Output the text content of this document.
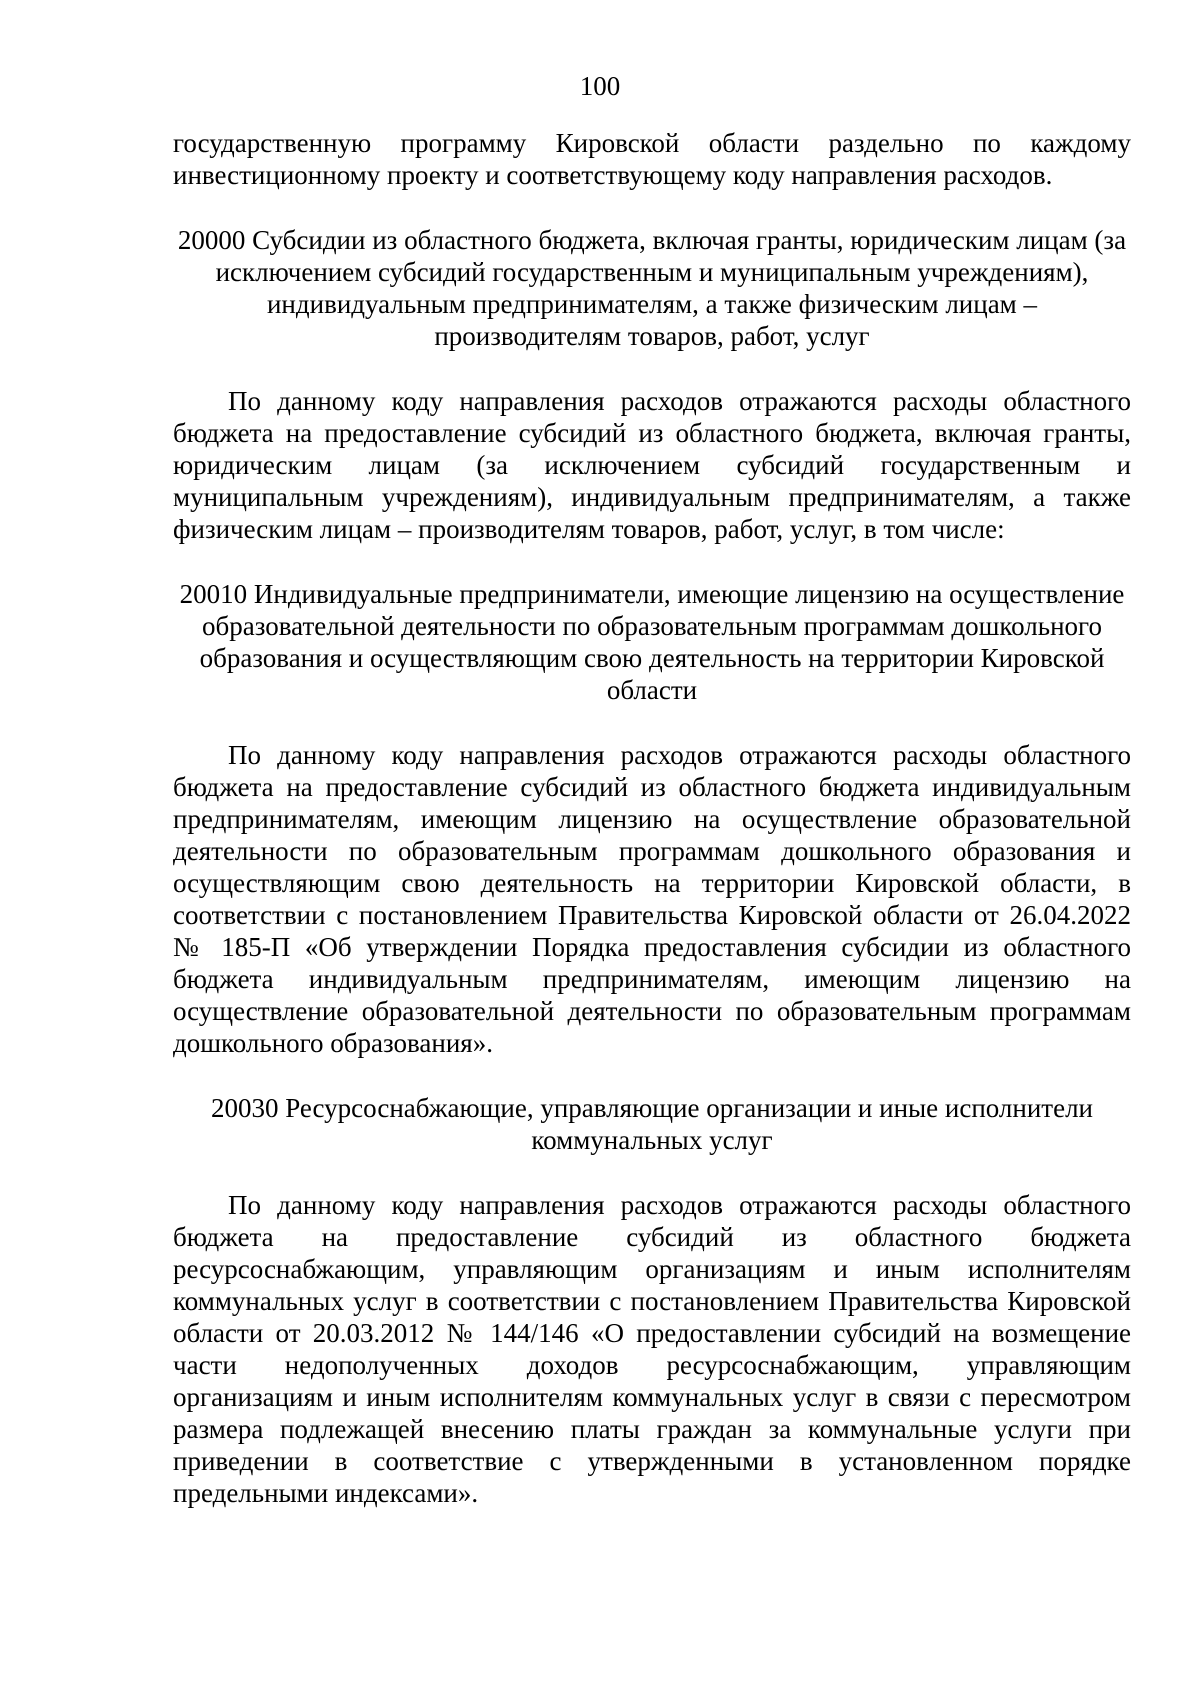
100

государственную программу Кировской области раздельно по каждому инвестиционному проекту и соответствующему коду направления расходов.

20000 Субсидии из областного бюджета, включая гранты, юридическим лицам (за исключением субсидий государственным и муниципальным учреждениям), индивидуальным предпринимателям, а также физическим лицам – производителям товаров, работ, услуг

По данному коду направления расходов отражаются расходы областного бюджета на предоставление субсидий из областного бюджета, включая гранты, юридическим лицам (за исключением субсидий государственным и муниципальным учреждениям), индивидуальным предпринимателям, а также физическим лицам – производителям товаров, работ, услуг, в том числе:

20010 Индивидуальные предприниматели, имеющие лицензию на осуществление образовательной деятельности по образовательным программам дошкольного образования и осуществляющим свою деятельность на территории Кировской области

По данному коду направления расходов отражаются расходы областного бюджета на предоставление субсидий из областного бюджета индивидуальным предпринимателям, имеющим лицензию на осуществление образовательной деятельности по образовательным программам дошкольного образования и осуществляющим свою деятельность на территории Кировской области, в соответствии с постановлением Правительства Кировской области от 26.04.2022 № 185-П «Об утверждении Порядка предоставления субсидии из областного бюджета индивидуальным предпринимателям, имеющим лицензию на осуществление образовательной деятельности по образовательным программам дошкольного образования».

20030 Ресурсоснабжающие, управляющие организации и иные исполнители коммунальных услуг

По данному коду направления расходов отражаются расходы областного бюджета на предоставление субсидий из областного бюджета ресурсоснабжающим, управляющим организациям и иным исполнителям коммунальных услуг в соответствии с постановлением Правительства Кировской области от 20.03.2012 № 144/146 «О предоставлении субсидий на возмещение части недополученных доходов ресурсоснабжающим, управляющим организациям и иным исполнителям коммунальных услуг в связи с пересмотром размера подлежащей внесению платы граждан за коммунальные услуги при приведении в соответствие с утвержденными в установленном порядке предельными индексами».
